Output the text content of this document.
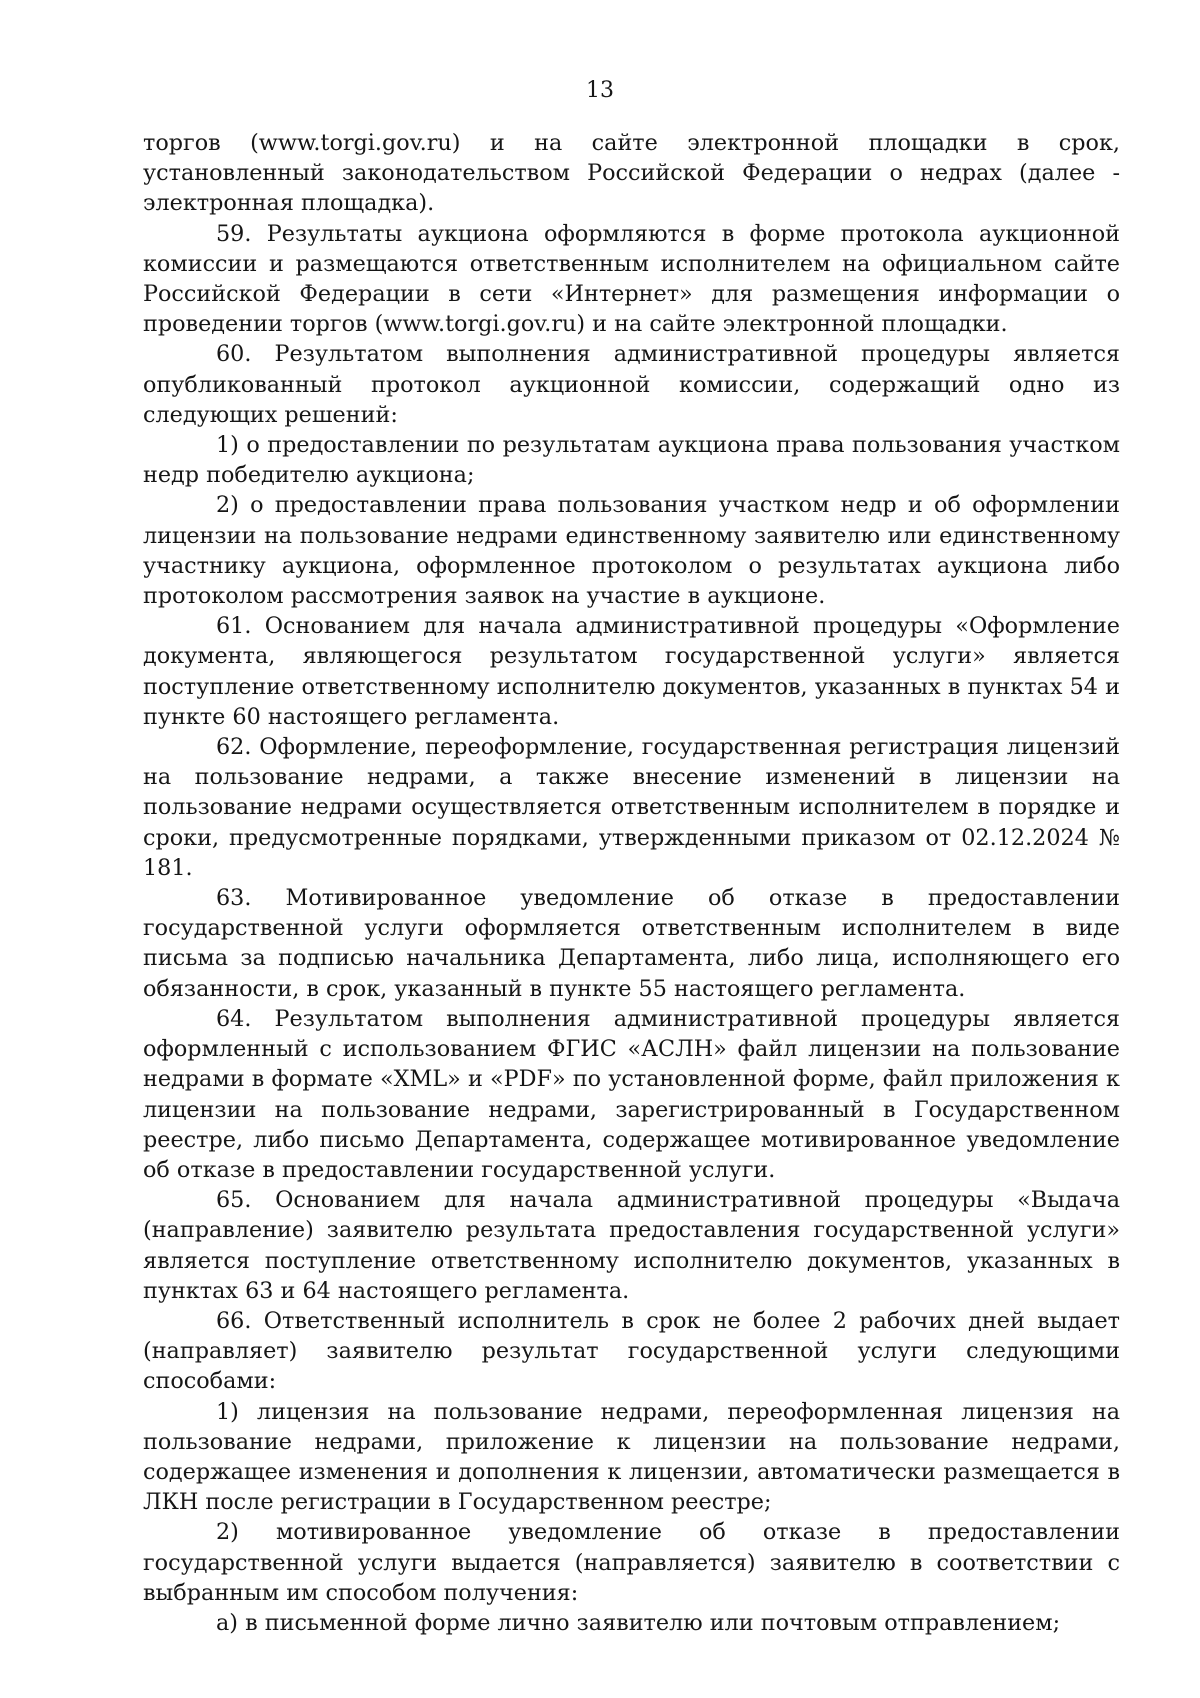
13

торгов (www.torgi.gov.ru) и на сайте электронной площадки в срок, установленный законодательством Российской Федерации о недрах (далее - электронная площадка).

59. Результаты аукциона оформляются в форме протокола аукционной комиссии и размещаются ответственным исполнителем на официальном сайте Российской Федерации в сети «Интернет» для размещения информации о проведении торгов (www.torgi.gov.ru) и на сайте электронной площадки.

60. Результатом выполнения административной процедуры является опубликованный протокол аукционной комиссии, содержащий одно из следующих решений:

1) о предоставлении по результатам аукциона права пользования участком недр победителю аукциона;

2) о предоставлении права пользования участком недр и об оформлении лицензии на пользование недрами единственному заявителю или единственному участнику аукциона, оформленное протоколом о результатах аукциона либо протоколом рассмотрения заявок на участие в аукционе.

61. Основанием для начала административной процедуры «Оформление документа, являющегося результатом государственной услуги» является поступление ответственному исполнителю документов, указанных в пунктах 54 и пункте 60 настоящего регламента.

62. Оформление, переоформление, государственная регистрация лицензий на пользование недрами, а также внесение изменений в лицензии на пользование недрами осуществляется ответственным исполнителем в порядке и сроки, предусмотренные порядками, утвержденными приказом от 02.12.2024 № 181.

63. Мотивированное уведомление об отказе в предоставлении государственной услуги оформляется ответственным исполнителем в виде письма за подписью начальника Департамента, либо лица, исполняющего его обязанности, в срок, указанный в пункте 55 настоящего регламента.

64. Результатом выполнения административной процедуры является оформленный с использованием ФГИС «АСЛН» файл лицензии на пользование недрами в формате «XML» и «PDF» по установленной форме, файл приложения к лицензии на пользование недрами, зарегистрированный в Государственном реестре, либо письмо Департамента, содержащее мотивированное уведомление об отказе в предоставлении государственной услуги.

65. Основанием для начала административной процедуры «Выдача (направление) заявителю результата предоставления государственной услуги» является поступление ответственному исполнителю документов, указанных в пунктах 63 и 64 настоящего регламента.

66. Ответственный исполнитель в срок не более 2 рабочих дней выдает (направляет) заявителю результат государственной услуги следующими способами:

1) лицензия на пользование недрами, переоформленная лицензия на пользование недрами, приложение к лицензии на пользование недрами, содержащее изменения и дополнения к лицензии, автоматически размещается в ЛКН после регистрации в Государственном реестре;

2) мотивированное уведомление об отказе в предоставлении государственной услуги выдается (направляется) заявителю в соответствии с выбранным им способом получения:

а) в письменной форме лично заявителю или почтовым отправлением;
